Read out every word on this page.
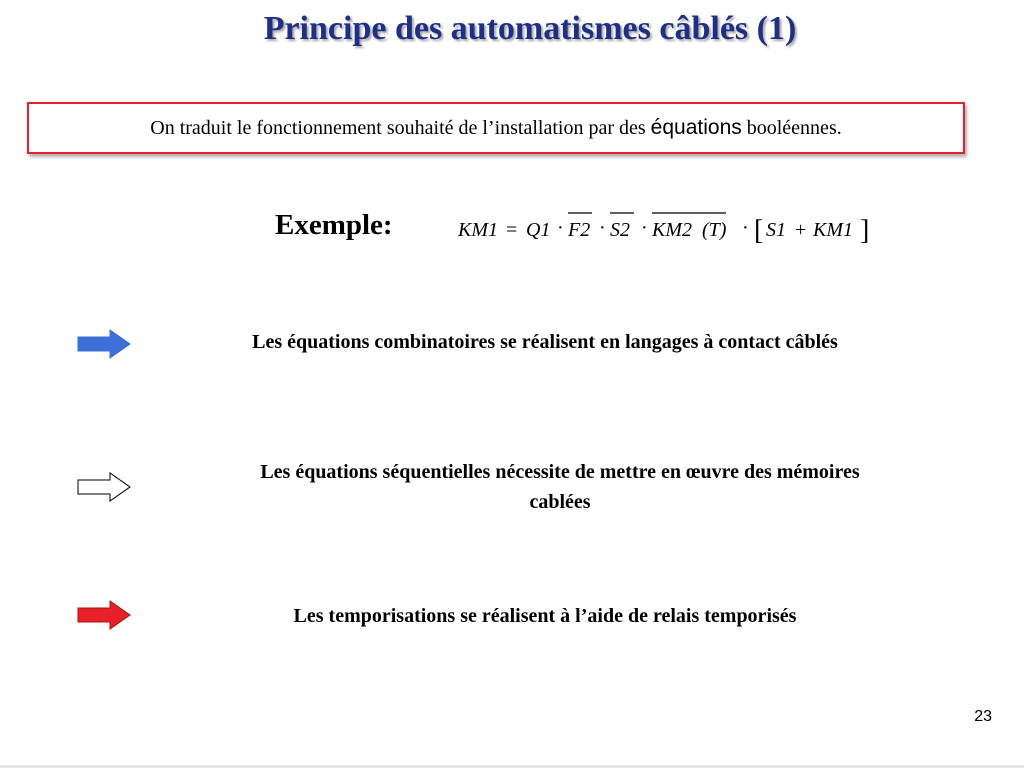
Principe des automatismes câblés (1)
On traduit le fonctionnement souhaité de l’installation par des équations booléennes.
Exemple:	KM1 = Q1 · F2 · S2 · KM2 (T) · [ S1 + KM1 ]
Les équations combinatoires se réalisent en langages à contact câblés
Les équations séquentielles nécessite de mettre en œuvre des mémoires
cablées
Les temporisations se réalisent à l’aide de relais temporisés
23
